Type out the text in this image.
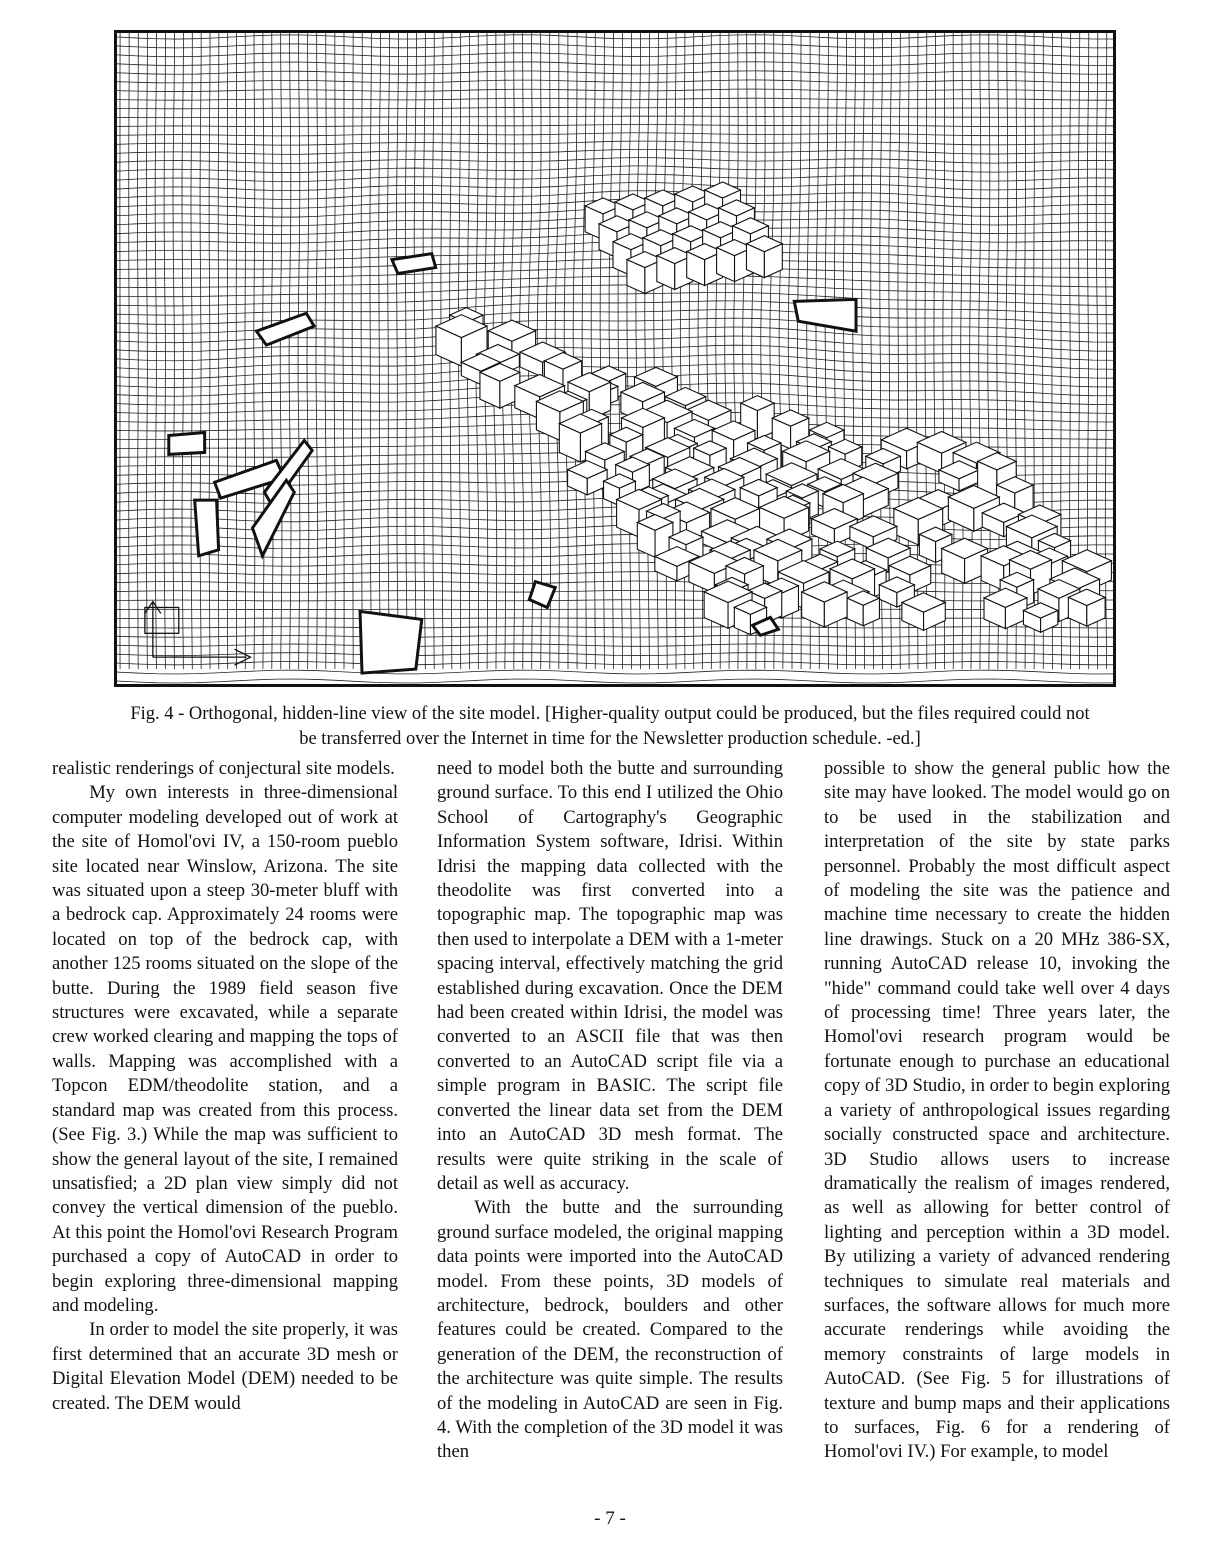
Fig. 4 - Orthogonal, hidden-line view of the site model. [Higher-quality output could be produced, but the files required could not be transferred over the Internet in time for the Newsletter production schedule. -ed.]

realistic renderings of conjectural site models.

My own interests in three-dimensional computer modeling developed out of work at the site of Homol'ovi IV, a 150-room pueblo site located near Winslow, Arizona. The site was situated upon a steep 30-meter bluff with a bedrock cap. Approximately 24 rooms were located on top of the bedrock cap, with another 125 rooms situated on the slope of the butte. During the 1989 field season five structures were excavated, while a separate crew worked clearing and mapping the tops of walls. Mapping was accomplished with a Topcon EDM/theodolite station, and a standard map was created from this process. (See Fig. 3.) While the map was sufficient to show the general layout of the site, I remained unsatisfied; a 2D plan view simply did not convey the vertical dimension of the pueblo. At this point the Homol'ovi Research Program purchased a copy of AutoCAD in order to begin exploring three-dimensional mapping and modeling.

In order to model the site properly, it was first determined that an accurate 3D mesh or Digital Elevation Model (DEM) needed to be created. The DEM would

need to model both the butte and surrounding ground surface. To this end I utilized the Ohio School of Cartography's Geographic Information System software, Idrisi. Within Idrisi the mapping data collected with the theodolite was first converted into a topographic map. The topographic map was then used to interpolate a DEM with a 1-meter spacing interval, effectively matching the grid established during excavation. Once the DEM had been created within Idrisi, the model was converted to an ASCII file that was then converted to an AutoCAD script file via a simple program in BASIC. The script file converted the linear data set from the DEM into an AutoCAD 3D mesh format. The results were quite striking in the scale of detail as well as accuracy.

With the butte and the surrounding ground surface modeled, the original mapping data points were imported into the AutoCAD model. From these points, 3D models of architecture, bedrock, boulders and other features could be created. Compared to the generation of the DEM, the reconstruction of the architecture was quite simple. The results of the modeling in AutoCAD are seen in Fig. 4. With the completion of the 3D model it was then

possible to show the general public how the site may have looked. The model would go on to be used in the stabilization and interpretation of the site by state parks personnel. Probably the most difficult aspect of modeling the site was the patience and machine time necessary to create the hidden line drawings. Stuck on a 20 MHz 386-SX, running AutoCAD release 10, invoking the "hide" command could take well over 4 days of processing time! Three years later, the Homol'ovi research program would be fortunate enough to purchase an educational copy of 3D Studio, in order to begin exploring a variety of anthropological issues regarding socially constructed space and architecture. 3D Studio allows users to increase dramatically the realism of images rendered, as well as allowing for better control of lighting and perception within a 3D model. By utilizing a variety of advanced rendering techniques to simulate real materials and surfaces, the software allows for much more accurate renderings while avoiding the memory constraints of large models in AutoCAD. (See Fig. 5 for illustrations of texture and bump maps and their applications to surfaces, Fig. 6 for a rendering of Homol'ovi IV.) For example, to model

- 7 -
